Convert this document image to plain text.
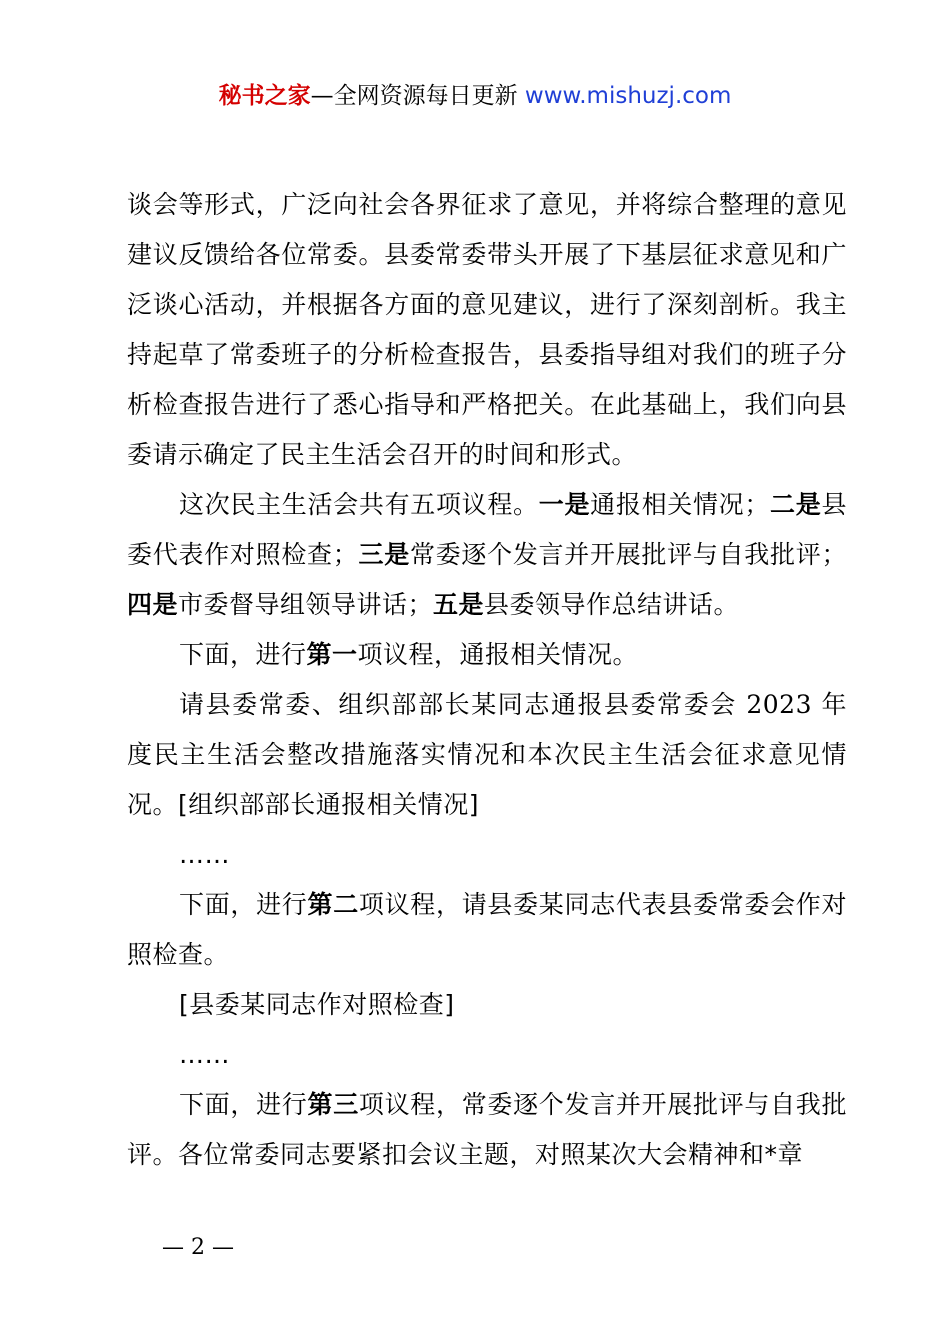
秘书之家—全网资源每日更新 www.mishuzj.com

谈会等形式，广泛向社会各界征求了意见，并将综合整理的意见建议反馈给各位常委。县委常委带头开展了下基层征求意见和广泛谈心活动，并根据各方面的意见建议，进行了深刻剖析。我主持起草了常委班子的分析检查报告，县委指导组对我们的班子分析检查报告进行了悉心指导和严格把关。在此基础上，我们向县委请示确定了民主生活会召开的时间和形式。

这次民主生活会共有五项议程。一是通报相关情况；二是县委代表作对照检查；三是常委逐个发言并开展批评与自我批评；四是市委督导组领导讲话；五是县委领导作总结讲话。

下面，进行第一项议程，通报相关情况。

请县委常委、组织部部长某同志通报县委常委会 2023 年度民主生活会整改措施落实情况和本次民主生活会征求意见情况。[组织部部长通报相关情况]

……

下面，进行第二项议程，请县委某同志代表县委常委会作对照检查。

[县委某同志作对照检查]

……

下面，进行第三项议程，常委逐个发言并开展批评与自我批评。各位常委同志要紧扣会议主题，对照某次大会精神和*章

— 2 —
